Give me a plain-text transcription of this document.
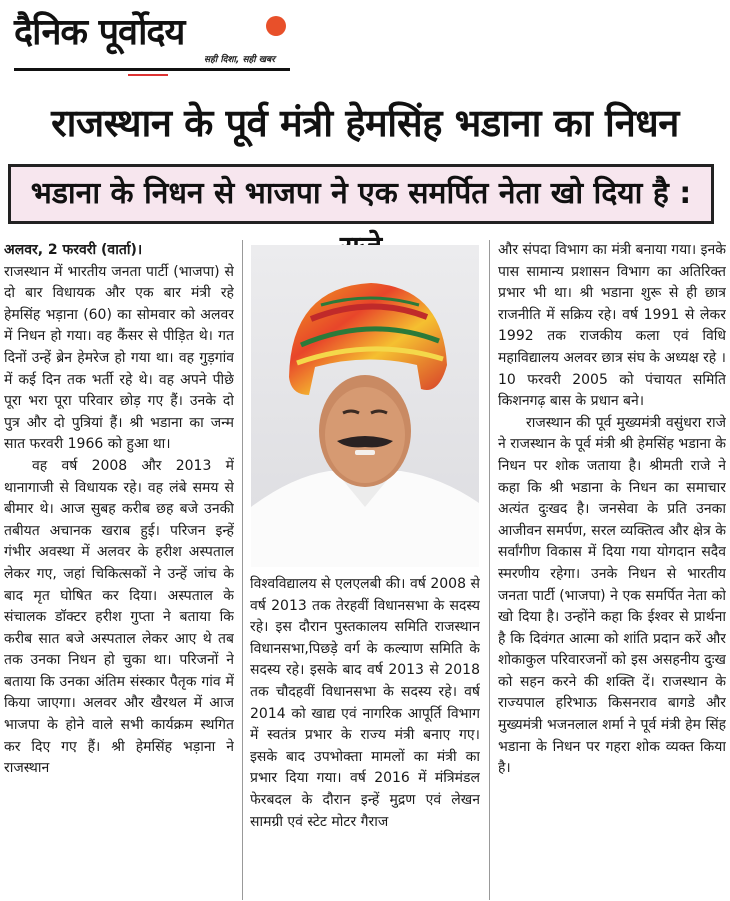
दैनिक पूर्वोदय
सही दिशा, सही खबर
राजस्थान के पूर्व मंत्री हेमसिंह भडाना का निधन
भडाना के निधन से भाजपा ने एक समर्पित नेता खो दिया है :

अलवर, 2 फरवरी (वार्ता)।

राजस्थान में भारतीय जनता पार्टी (भाजपा) से दो बार विधायक और एक बार मंत्री रहे हेमसिंह भड़ाना (60) का सोमवार को अलवर में निधन हो गया। वह कैंसर से पीड़ित थे। गत दिनों उन्हें ब्रेन हेमरेज हो गया था। वह गुड़गांव में कई दिन तक भर्ती रहे थे। वह अपने पीछे पूरा भरा पूरा परिवार छोड़ गए हैं। उनके दो पुत्र और दो पुत्रियां हैं। श्री भडाना का जन्म सात फरवरी 1966 को हुआ था।

वह वर्ष 2008 और 2013 में थानागाजी से विधायक रहे। वह लंबे समय से बीमार थे। आज सुबह करीब छह बजे उनकी तबीयत अचानक खराब हुई। परिजन इन्हें गंभीर अवस्था में अलवर के हरीश अस्पताल लेकर गए, जहां चिकित्सकों ने उन्हें जांच के बाद मृत घोषित कर दिया। अस्पताल के संचालक डॉक्टर हरीश गुप्ता ने बताया कि करीब सात बजे अस्पताल लेकर आए थे तब तक उनका निधन हो चुका था। परिजनों ने बताया कि उनका अंतिम संस्कार पैतृक गांव में किया जाएगा। अलवर और खैरथल में आज भाजपा के होने वाले सभी कार्यक्रम स्थगित कर दिए गए हैं। श्री हेमसिंह भड़ाना ने राजस्थान

विश्वविद्यालय से एलएलबी की। वर्ष 2008 से वर्ष 2013 तक तेरहवीं विधानसभा के सदस्य रहे। इस दौरान पुस्तकालय समिति राजस्थान विधानसभा,पिछड़े वर्ग के कल्याण समिति के सदस्य रहे। इसके बाद वर्ष 2013 से 2018 तक चौदहवीं विधानसभा के सदस्य रहे। वर्ष 2014 को खाद्य एवं नागरिक आपूर्ति विभाग में स्वतंत्र प्रभार के राज्य मंत्री बनाए गए। इसके बाद उपभोक्ता मामलों का मंत्री का प्रभार दिया गया। वर्ष 2016 में मंत्रिमंडल फेरबदल के दौरान इन्हें मुद्रण एवं लेखन सामग्री एवं स्टेट मोटर गैराज

और संपदा विभाग का मंत्री बनाया गया। इनके पास सामान्य प्रशासन विभाग का अतिरिक्त प्रभार भी था। श्री भडाना शुरू से ही छात्र राजनीति में सक्रिय रहे। वर्ष 1991 से लेकर 1992 तक राजकीय कला एवं विधि महाविद्यालय अलवर छात्र संघ के अध्यक्ष रहे । 10 फरवरी 2005 को पंचायत समिति किशनगढ़ बास के प्रधान बने।

राजस्थान की पूर्व मुख्यमंत्री वसुंधरा राजे ने राजस्थान के पूर्व मंत्री श्री हेमसिंह भडाना के निधन पर शोक जताया है। श्रीमती राजे ने कहा कि श्री भडाना के निधन का समाचार अत्यंत दुःखद है। जनसेवा के प्रति उनका आजीवन समर्पण, सरल व्यक्तित्व और क्षेत्र के सर्वांगीण विकास में दिया गया योगदान सदैव स्मरणीय रहेगा। उनके निधन से भारतीय जनता पार्टी (भाजपा) ने एक समर्पित नेता को खो दिया है। उन्होंने कहा कि ईश्वर से प्रार्थना है कि दिवंगत आत्मा को शांति प्रदान करें और शोकाकुल परिवारजनों को इस असहनीय दुःख को सहन करने की शक्ति दें। राजस्थान के राज्यपाल हरिभाऊ किसनराव बागडे और मुख्यमंत्री भजनलाल शर्मा ने पूर्व मंत्री हेम सिंह भडाना के निधन पर गहरा शोक व्यक्त किया है।
